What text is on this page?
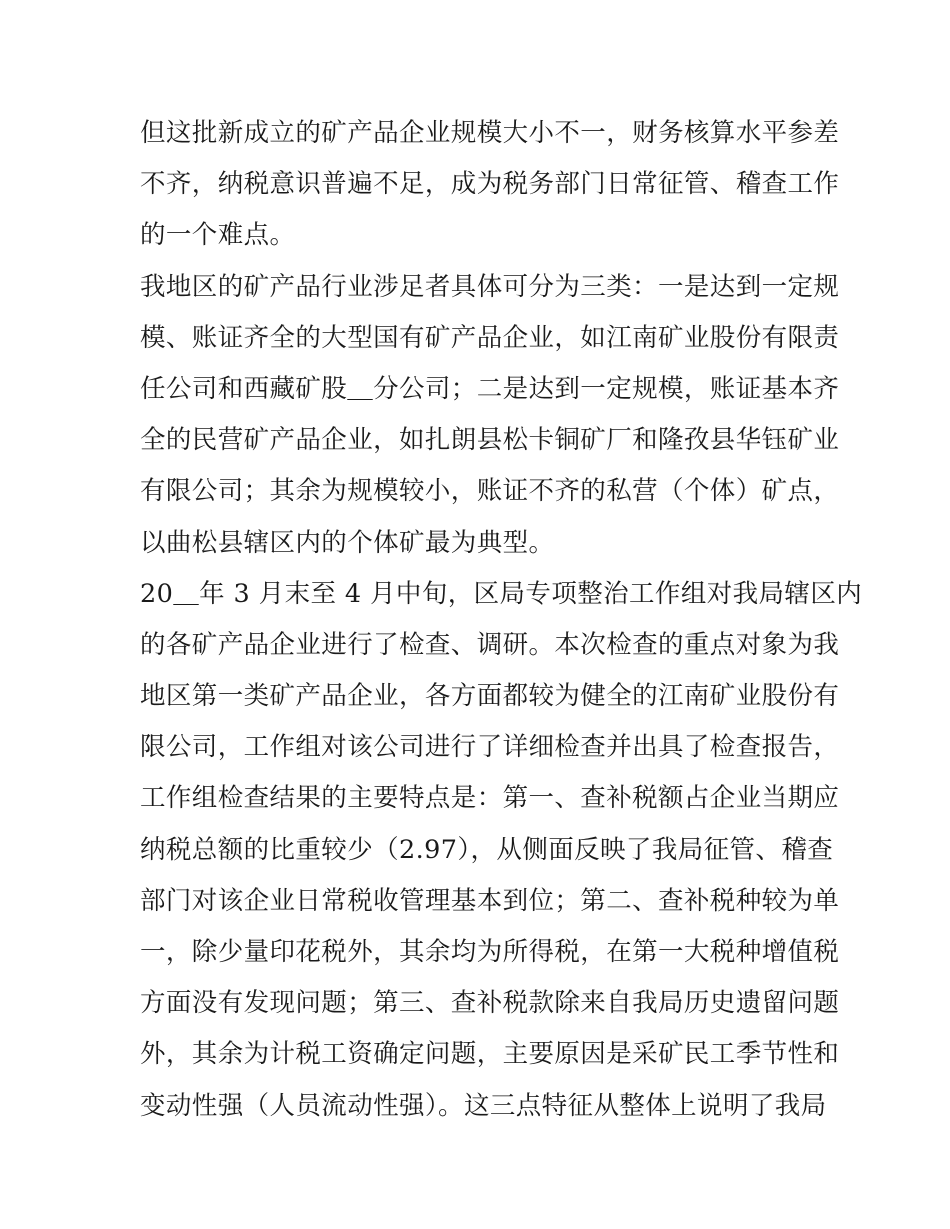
但这批新成立的矿产品企业规模大小不一，财务核算水平参差
不齐，纳税意识普遍不足，成为税务部门日常征管、稽查工作
的一个难点。
我地区的矿产品行业涉足者具体可分为三类：一是达到一定规
模、账证齐全的大型国有矿产品企业，如江南矿业股份有限责
任公司和西藏矿股＿分公司；二是达到一定规模，账证基本齐
全的民营矿产品企业，如扎朗县松卡铜矿厂和隆孜县华钰矿业
有限公司；其余为规模较小，账证不齐的私营（个体）矿点，
以曲松县辖区内的个体矿最为典型。
20＿年 3 月末至 4 月中旬，区局专项整治工作组对我局辖区内
的各矿产品企业进行了检查、调研。本次检查的重点对象为我
地区第一类矿产品企业，各方面都较为健全的江南矿业股份有
限公司，工作组对该公司进行了详细检查并出具了检查报告，
工作组检查结果的主要特点是：第一、查补税额占企业当期应
纳税总额的比重较少（2.97），从侧面反映了我局征管、稽查
部门对该企业日常税收管理基本到位；第二、查补税种较为单
一，除少量印花税外，其余均为所得税，在第一大税种增值税
方面没有发现问题；第三、查补税款除来自我局历史遗留问题
外，其余为计税工资确定问题，主要原因是采矿民工季节性和
变动性强（人员流动性强）。这三点特征从整体上说明了我局
